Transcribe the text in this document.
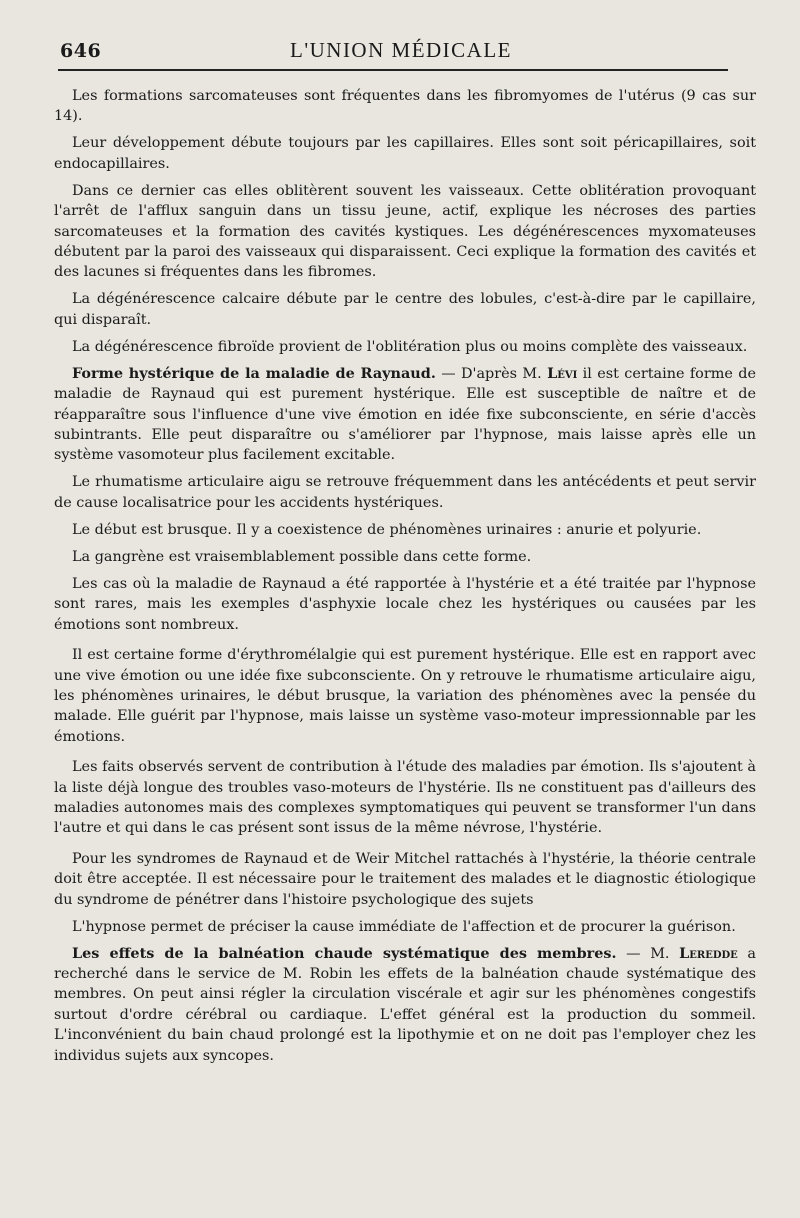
646	L'UNION MÉDICALE

Les formations sarcomateuses sont fréquentes dans les fibromyomes de l'utérus (9 cas sur 14).

Leur développement débute toujours par les capillaires. Elles sont soit péricapillaires, soit endocapillaires.

Dans ce dernier cas elles oblitèrent souvent les vaisseaux. Cette oblitération provoquant l'arrêt de l'afflux sanguin dans un tissu jeune, actif, explique les nécroses des parties sarcomateuses et la formation des cavités kystiques. Les dégénérescences myxomateuses débutent par la paroi des vaisseaux qui disparaissent. Ceci explique la formation des cavités et des lacunes si fréquentes dans les fibromes.

La dégénérescence calcaire débute par le centre des lobules, c'est-à-dire par le capillaire, qui disparaît.

La dégénérescence fibroïde provient de l'oblitération plus ou moins complète des vaisseaux.

Forme hystérique de la maladie de Raynaud. — D'après M. Lévi il est certaine forme de maladie de Raynaud qui est purement hystérique. Elle est susceptible de naître et de réapparaître sous l'influence d'une vive émotion en idée fixe subconsciente, en série d'accès subintrants. Elle peut disparaître ou s'améliorer par l'hypnose, mais laisse après elle un système vasomoteur plus facilement excitable.

Le rhumatisme articulaire aigu se retrouve fréquemment dans les antécédents et peut servir de cause localisatrice pour les accidents hystériques.

Le début est brusque. Il y a coexistence de phénomènes urinaires : anurie et polyurie.

La gangrène est vraisemblablement possible dans cette forme.

Les cas où la maladie de Raynaud a été rapportée à l'hystérie et a été traitée par l'hypnose sont rares, mais les exemples d'asphyxie locale chez les hystériques ou causées par les émotions sont nombreux.

Il est certaine forme d'érythromélalgie qui est purement hystérique. Elle est en rapport avec une vive émotion ou une idée fixe subconsciente. On y retrouve le rhumatisme articulaire aigu, les phénomènes urinaires, le début brusque, la variation des phénomènes avec la pensée du malade. Elle guérit par l'hypnose, mais laisse un système vaso-moteur impressionnable par les émotions.

Les faits observés servent de contribution à l'étude des maladies par émotion. Ils s'ajoutent à la liste déjà longue des troubles vaso-moteurs de l'hystérie. Ils ne constituent pas d'ailleurs des maladies autonomes mais des complexes symptomatiques qui peuvent se transformer l'un dans l'autre et qui dans le cas présent sont issus de la même névrose, l'hystérie.

Pour les syndromes de Raynaud et de Weir Mitchel rattachés à l'hystérie, la théorie centrale doit être acceptée. Il est nécessaire pour le traitement des malades et le diagnostic étiologique du syndrome de pénétrer dans l'histoire psychologique des sujets

L'hypnose permet de préciser la cause immédiate de l'affection et de procurer la guérison.

Les effets de la balnéation chaude systématique des membres. — M. Leredde a recherché dans le service de M. Robin les effets de la balnéation chaude systématique des membres. On peut ainsi régler la circulation viscérale et agir sur les phénomènes congestifs surtout d'ordre cérébral ou cardiaque. L'effet général est la production du sommeil. L'inconvénient du bain chaud prolongé est la lipothymie et on ne doit pas l'employer chez les individus sujets aux syncopes.
